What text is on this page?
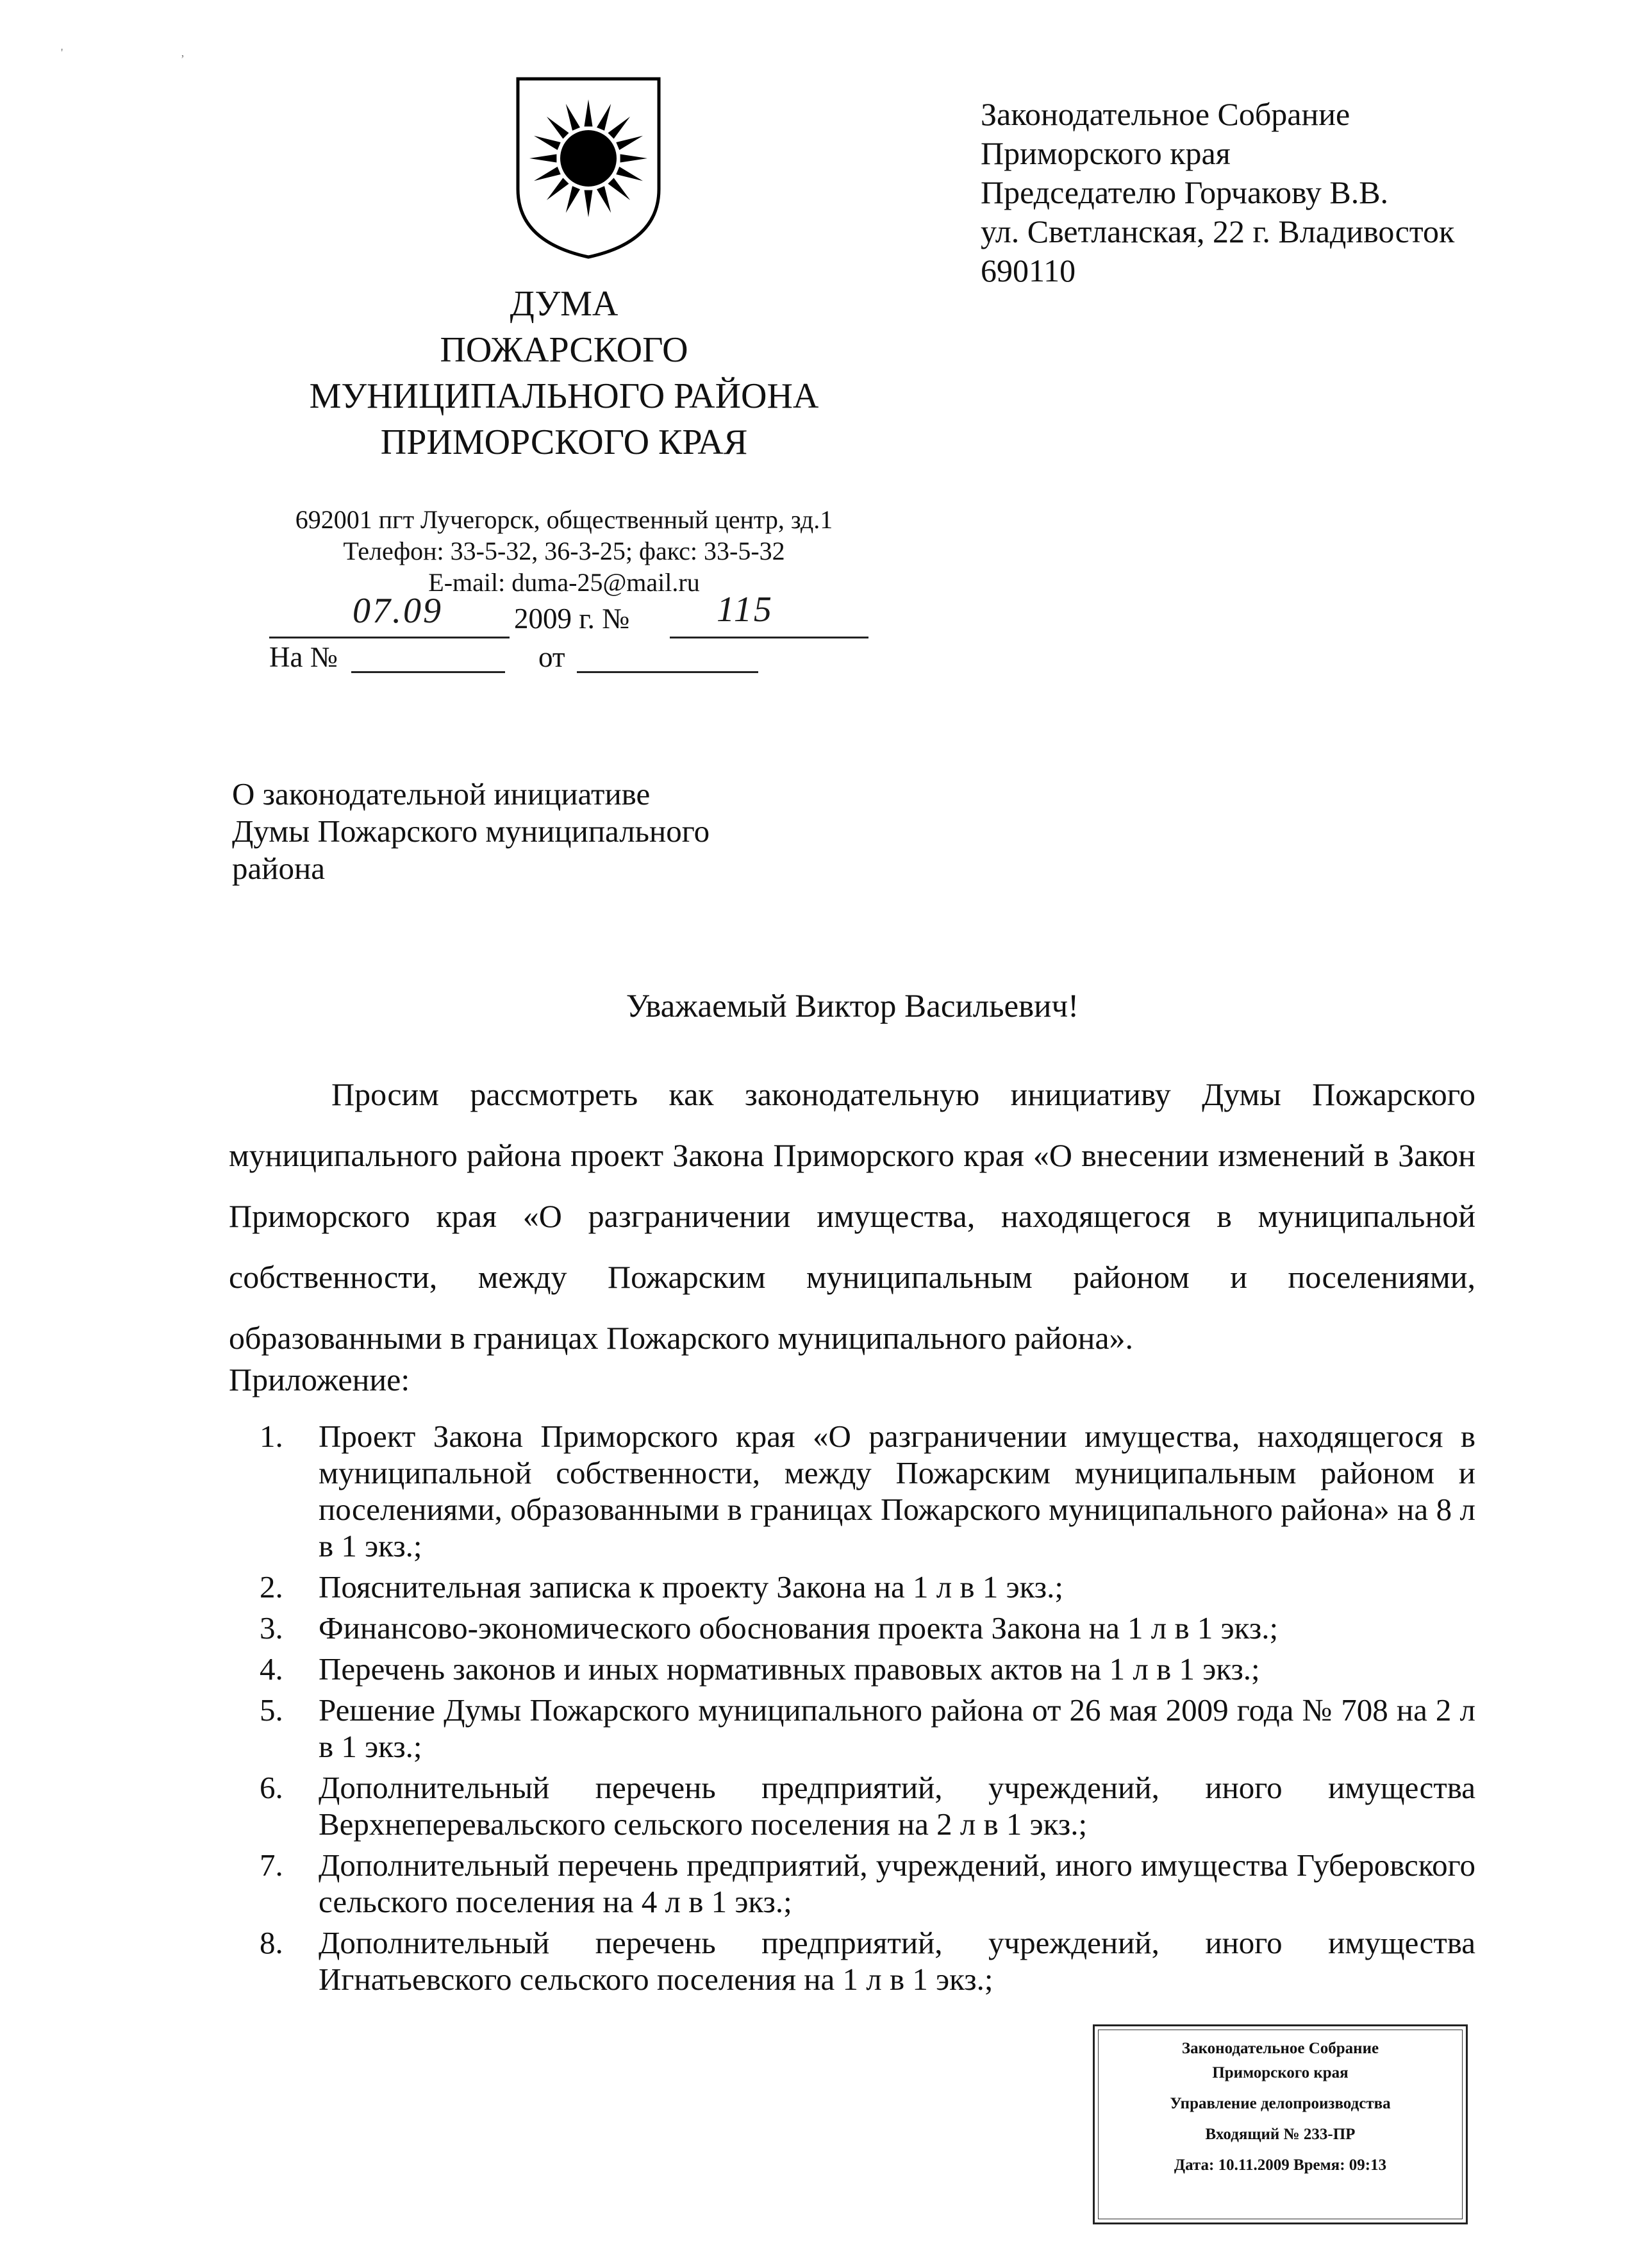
' ,
ДУМА
ПОЖАРСКОГО
МУНИЦИПАЛЬНОГО РАЙОНА
ПРИМОРСКОГО КРАЯ
Законодательное Собрание
Приморского края
Председателю Горчакову В.В.
ул. Светланская, 22 г. Владивосток
690110
692001 пгт Лучегорск, общественный центр, зд.1
Телефон: 33-5-32, 36-3-25; факс: 33-5-32
E-mail: duma-25@mail.ru
07.09 2009 г. № 115
На №	от
О законодательной инициативе
Думы Пожарского муниципального
района
Уважаемый Виктор Васильевич!

Просим рассмотреть как законодательную инициативу Думы Пожарского муниципального района проект Закона Приморского края «О внесении изменений в Закон Приморского края «О разграничении имущества, находящегося в муниципальной собственности, между Пожарским муниципальным районом и поселениями, образованными в границах Пожарского муниципального района».

Приложение:
1. Проект Закона Приморского края «О разграничении имущества, находящегося в муниципальной собственности, между Пожарским муниципальным районом и поселениями, образованными в границах Пожарского муниципального района» на 8 л в 1 экз.;
2. Пояснительная записка к проекту Закона на 1 л в 1 экз.;
3. Финансово-экономического обоснования проекта Закона на 1 л в 1 экз.;
4. Перечень законов и иных нормативных правовых актов на 1 л в 1 экз.;
5. Решение Думы Пожарского муниципального района от 26 мая 2009 года № 708 на 2 л в 1 экз.;
6. Дополнительный перечень предприятий, учреждений, иного имущества Верхнеперевальского сельского поселения на 2 л в 1 экз.;
7. Дополнительный перечень предприятий, учреждений, иного имущества Губеровского сельского поселения на 4 л в 1 экз.;
8. Дополнительный перечень предприятий, учреждений, иного имущества Игнатьевского сельского поселения на 1 л в 1 экз.;
Законодательное Собрание
Приморского края
Управление делопроизводства
Входящий № 233-ПР
Дата: 10.11.2009 Время: 09:13
